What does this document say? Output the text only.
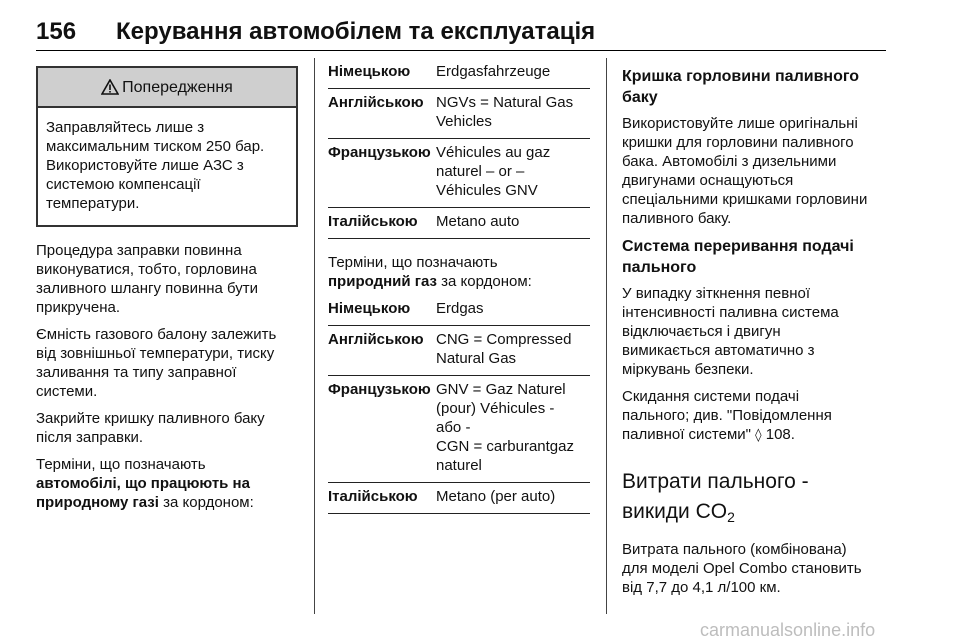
156 Керування автомобілем та експлуатація
Попередження
Заправляйтесь лише з
максимальним тиском 250 бар.
Використовуйте лише АЗС з
системою компенсації
температури.

Процедура заправки повинна
виконуватися, тобто, горловина
заливного шлангу повинна бути
прикручена.

Ємність газового балону залежить
від зовнішньої температури, тиску
заливання та типу заправної
системи.

Закрийте кришку паливного баку
після заправки.

Терміни, що позначають
автомобілі, що працюють на
природному газі за кордоном:

Німецькою	Erdgasfahrzeuge
Англійською NGVs = Natural Gas
Vehicles
Французькою Véhicules au gaz
naturel – or –
Véhicules GNV
Італійською	Metano auto

Терміни, що позначають
природний газ за кордоном:

Німецькою	Erdgas
Англійською CNG = Compressed
Natural Gas
Французькою GNV = Gaz Naturel
(pour) Véhicules -
або -
CGN = carburantgaz
naturel
Італійською	Metano (per auto)
Кришка горловини паливного
баку

Використовуйте лише оригінальні
кришки для горловини паливного
бака. Автомобілі з дизельними
двигунами оснащуються
спеціальними кришками горловини
паливного баку.

Система переривання подачі
пального

У випадку зіткнення певної
інтенсивності паливна система
відключається і двигун
вимикається автоматично з
міркувань безпеки.

Скидання системи подачі
пального; див. "Повідомлення
паливної системи" ◊ 108.

Витрати пального -
викиди $CO_2$

Витрата пального (комбінована)
для моделі Opel Combo становить
від 7,7 до 4,1 л/100 км.

carmanualsonline.info
